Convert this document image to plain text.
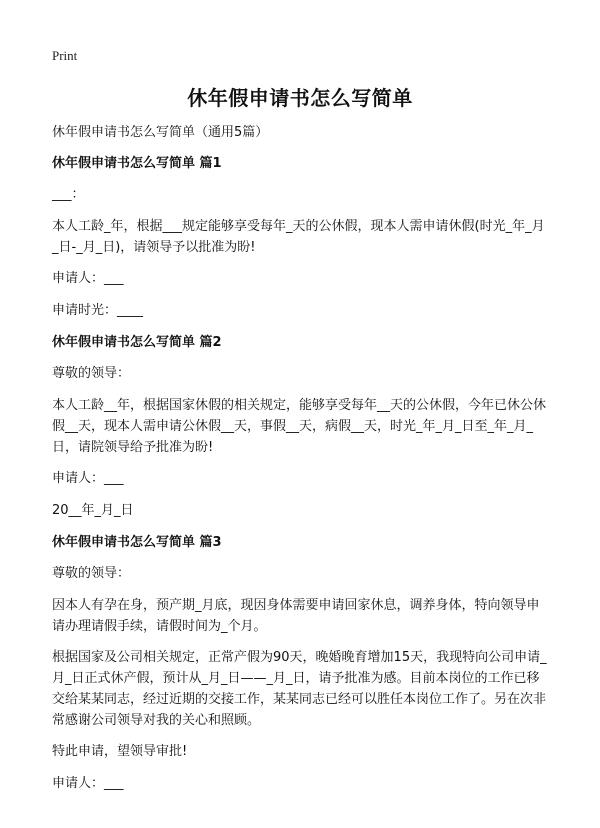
Print
休年假申请书怎么写简单

休年假申请书怎么写简单（通用5篇）

休年假申请书怎么写简单 篇1

___：

本人工龄_年，根据___规定能够享受每年_天的公休假，现本人需申请休假(时光_年_月_日-_月_日)，请领导予以批准为盼!

申请人：___

申请时光：____

休年假申请书怎么写简单 篇2

尊敬的领导：

本人工龄__年，根据国家休假的相关规定，能够享受每年__天的公休假，今年已休公休假__天，现本人需申请公休假__天，事假__天，病假__天，时光_年_月_日至_年_月_日，请院领导给予批准为盼!

申请人：___

20__年_月_日

休年假申请书怎么写简单 篇3

尊敬的领导：

因本人有孕在身，预产期_月底，现因身体需要申请回家休息，调养身体，特向领导申请办理请假手续，请假时间为_个月。

根据国家及公司相关规定，正常产假为90天，晚婚晚育增加15天，我现特向公司申请_月_日正式休产假，预计从_月_日——_月_日，请予批准为感。目前本岗位的工作已移交给某某同志，经过近期的交接工作，某某同志已经可以胜任本岗位工作了。另在次非常感谢公司领导对我的关心和照顾。

特此申请，望领导审批!

申请人：___
